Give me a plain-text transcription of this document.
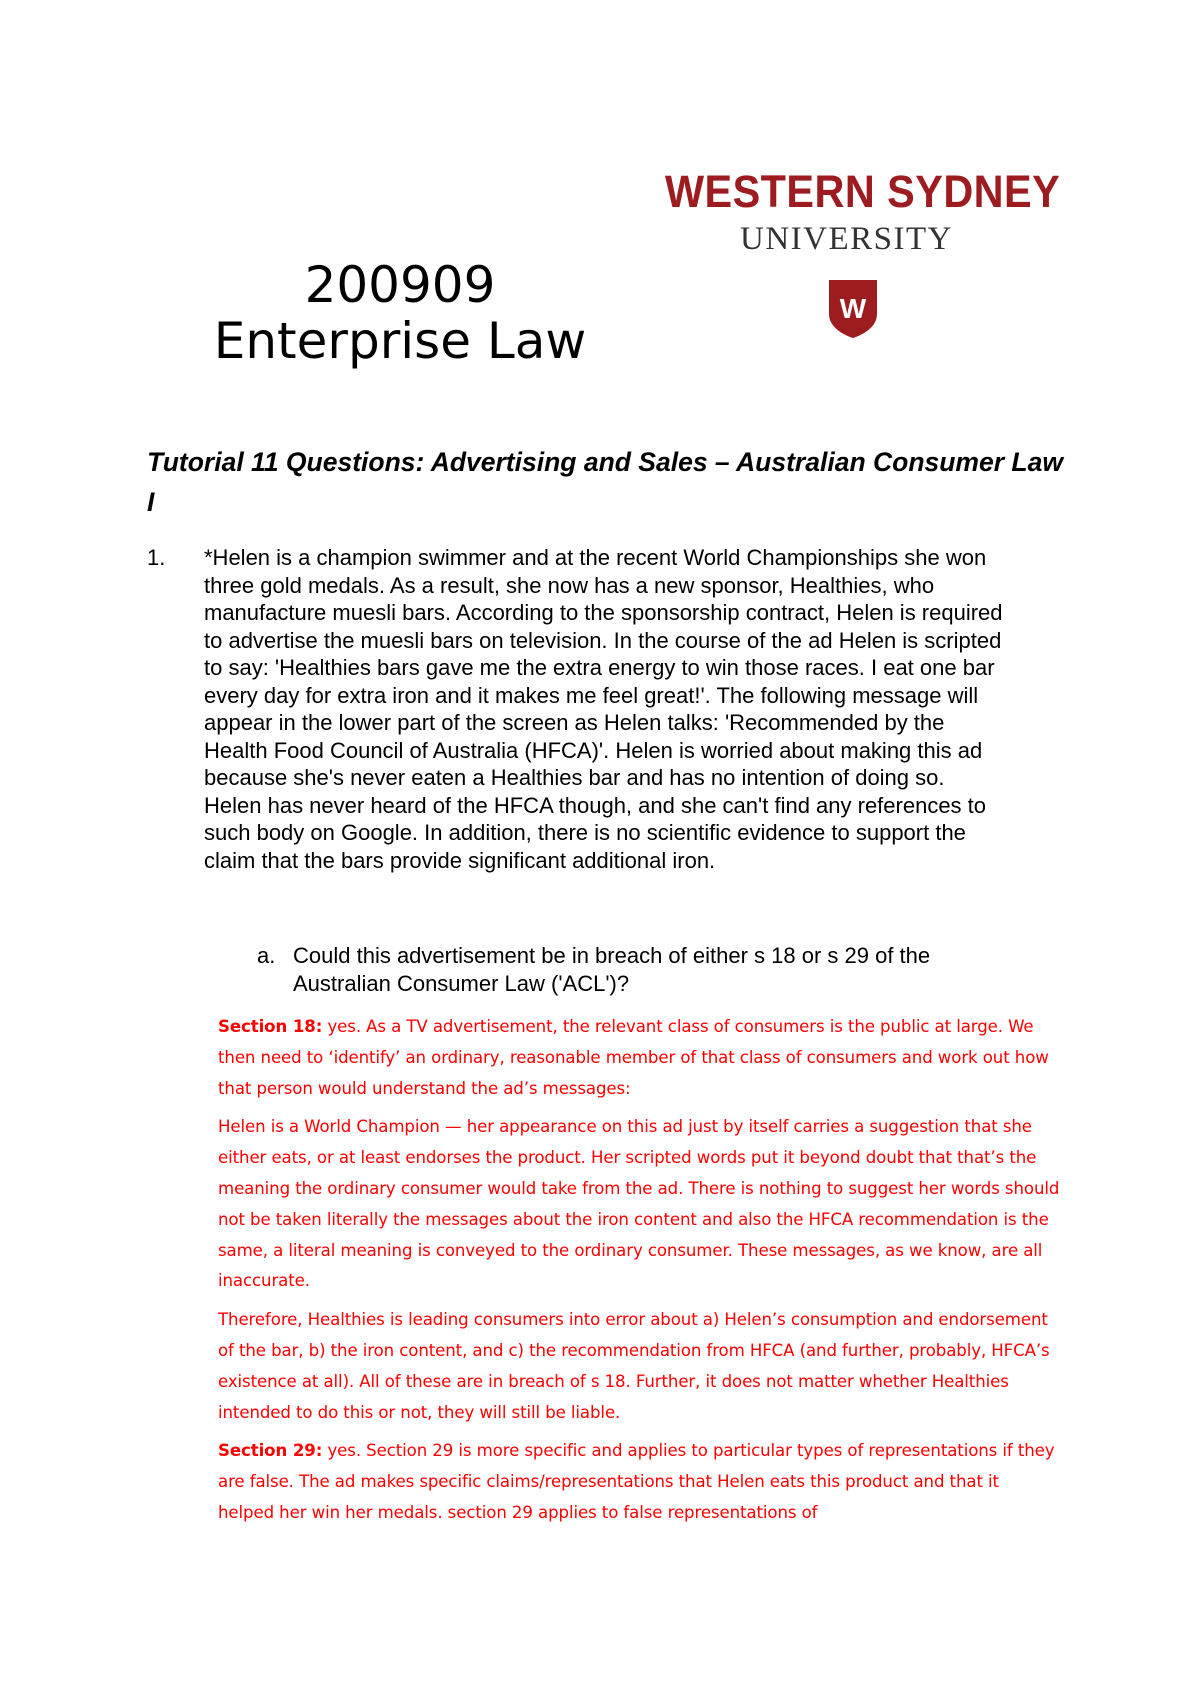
WESTERN SYDNEY
UNIVERSITY
W
200909
Enterprise Law
Tutorial 11 Questions: Advertising and Sales – Australian Consumer Law I
1. *Helen is a champion swimmer and at the recent World Championships she won three gold medals. As a result, she now has a new sponsor, Healthies, who manufacture muesli bars. According to the sponsorship contract, Helen is required to advertise the muesli bars on television. In the course of the ad Helen is scripted to say: 'Healthies bars gave me the extra energy to win those races. I eat one bar every day for extra iron and it makes me feel great!'. The following message will appear in the lower part of the screen as Helen talks: 'Recommended by the Health Food Council of Australia (HFCA)'. Helen is worried about making this ad because she's never eaten a Healthies bar and has no intention of doing so. Helen has never heard of the HFCA though, and she can't find any references to such body on Google. In addition, there is no scientific evidence to support the claim that the bars provide significant additional iron.
a. Could this advertisement be in breach of either s 18 or s 29 of the Australian Consumer Law ('ACL')?

Section 18: yes. As a TV advertisement, the relevant class of consumers is the public at large. We then need to ‘identify’ an ordinary, reasonable member of that class of consumers and work out how that person would understand the ad’s messages:

Helen is a World Champion — her appearance on this ad just by itself carries a suggestion that she either eats, or at least endorses the product. Her scripted words put it beyond doubt that that’s the meaning the ordinary consumer would take from the ad. There is nothing to suggest her words should not be taken literally the messages about the iron content and also the HFCA recommendation is the same, a literal meaning is conveyed to the ordinary consumer. These messages, as we know, are all inaccurate.

Therefore, Healthies is leading consumers into error about a) Helen’s consumption and endorsement of the bar, b) the iron content, and c) the recommendation from HFCA (and further, probably, HFCA’s existence at all). All of these are in breach of s 18. Further, it does not matter whether Healthies intended to do this or not, they will still be liable.

Section 29: yes. Section 29 is more specific and applies to particular types of representations if they are false. The ad makes specific claims/representations that Helen eats this product and that it helped her win her medals. section 29 applies to false representations of
